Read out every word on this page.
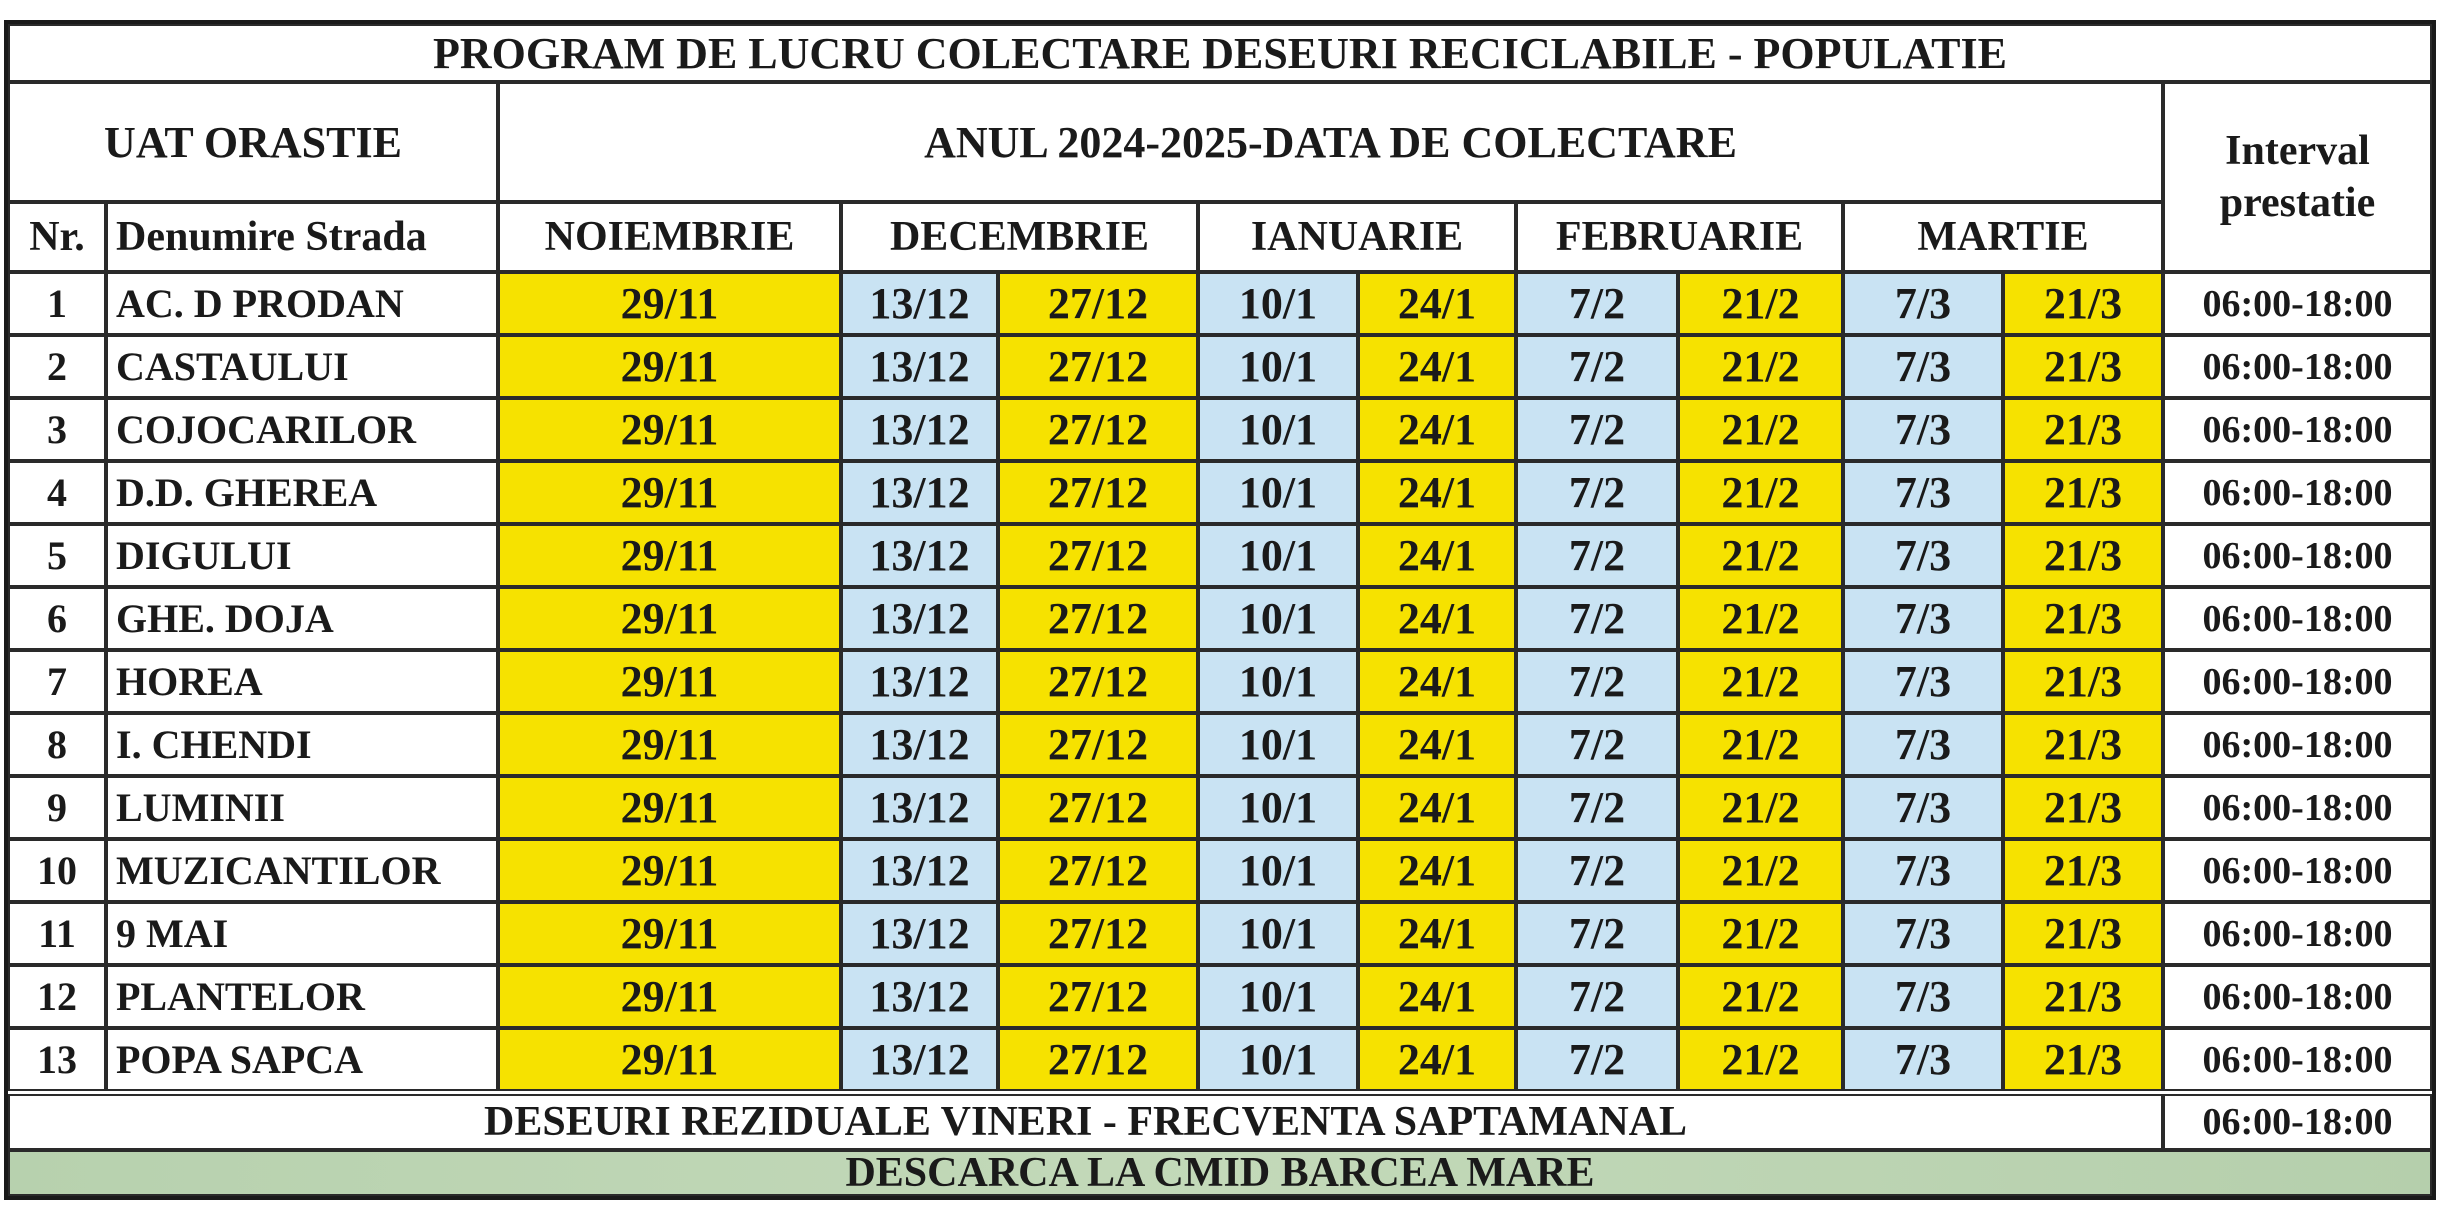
PROGRAM DE LUCRU COLECTARE DESEURI RECICLABILE - POPULATIE
UAT ORASTIE	ANUL 2024-2025-DATA DE COLECTARE	Interval prestatie
Nr. Denumire Strada	NOIEMBRIE	DECEMBRIE	IANUARIE	FEBRUARIE	MARTIE
1	AC. D PRODAN	29/11	13/12	27/12	10/1	24/1	7/2	21/2	7/3	21/3	06:00-18:00
2	CASTAULUI	29/11	13/12	27/12	10/1	24/1	7/2	21/2	7/3	21/3	06:00-18:00
3	COJOCARILOR	29/11	13/12	27/12	10/1	24/1	7/2	21/2	7/3	21/3	06:00-18:00
4	D.D. GHEREA	29/11	13/12	27/12	10/1	24/1	7/2	21/2	7/3	21/3	06:00-18:00
5	DIGULUI	29/11	13/12	27/12	10/1	24/1	7/2	21/2	7/3	21/3	06:00-18:00
6	GHE. DOJA	29/11	13/12	27/12	10/1	24/1	7/2	21/2	7/3	21/3	06:00-18:00
7	HOREA	29/11	13/12	27/12	10/1	24/1	7/2	21/2	7/3	21/3	06:00-18:00
8	I. CHENDI	29/11	13/12	27/12	10/1	24/1	7/2	21/2	7/3	21/3	06:00-18:00
9	LUMINII	29/11	13/12	27/12	10/1	24/1	7/2	21/2	7/3	21/3	06:00-18:00
10 MUZICANTILOR	29/11	13/12	27/12	10/1	24/1	7/2	21/2	7/3	21/3	06:00-18:00
11	9 MAI	29/11	13/12	27/12	10/1	24/1	7/2	21/2	7/3	21/3	06:00-18:00
12 PLANTELOR	29/11	13/12	27/12	10/1	24/1	7/2	21/2	7/3	21/3	06:00-18:00
13 POPA SAPCA	29/11	13/12	27/12	10/1	24/1	7/2	21/2	7/3	21/3	06:00-18:00
DESEURI REZIDUALE VINERI - FRECVENTA SAPTAMANAL	06:00-18:00
DESCARCA LA CMID BARCEA MARE
